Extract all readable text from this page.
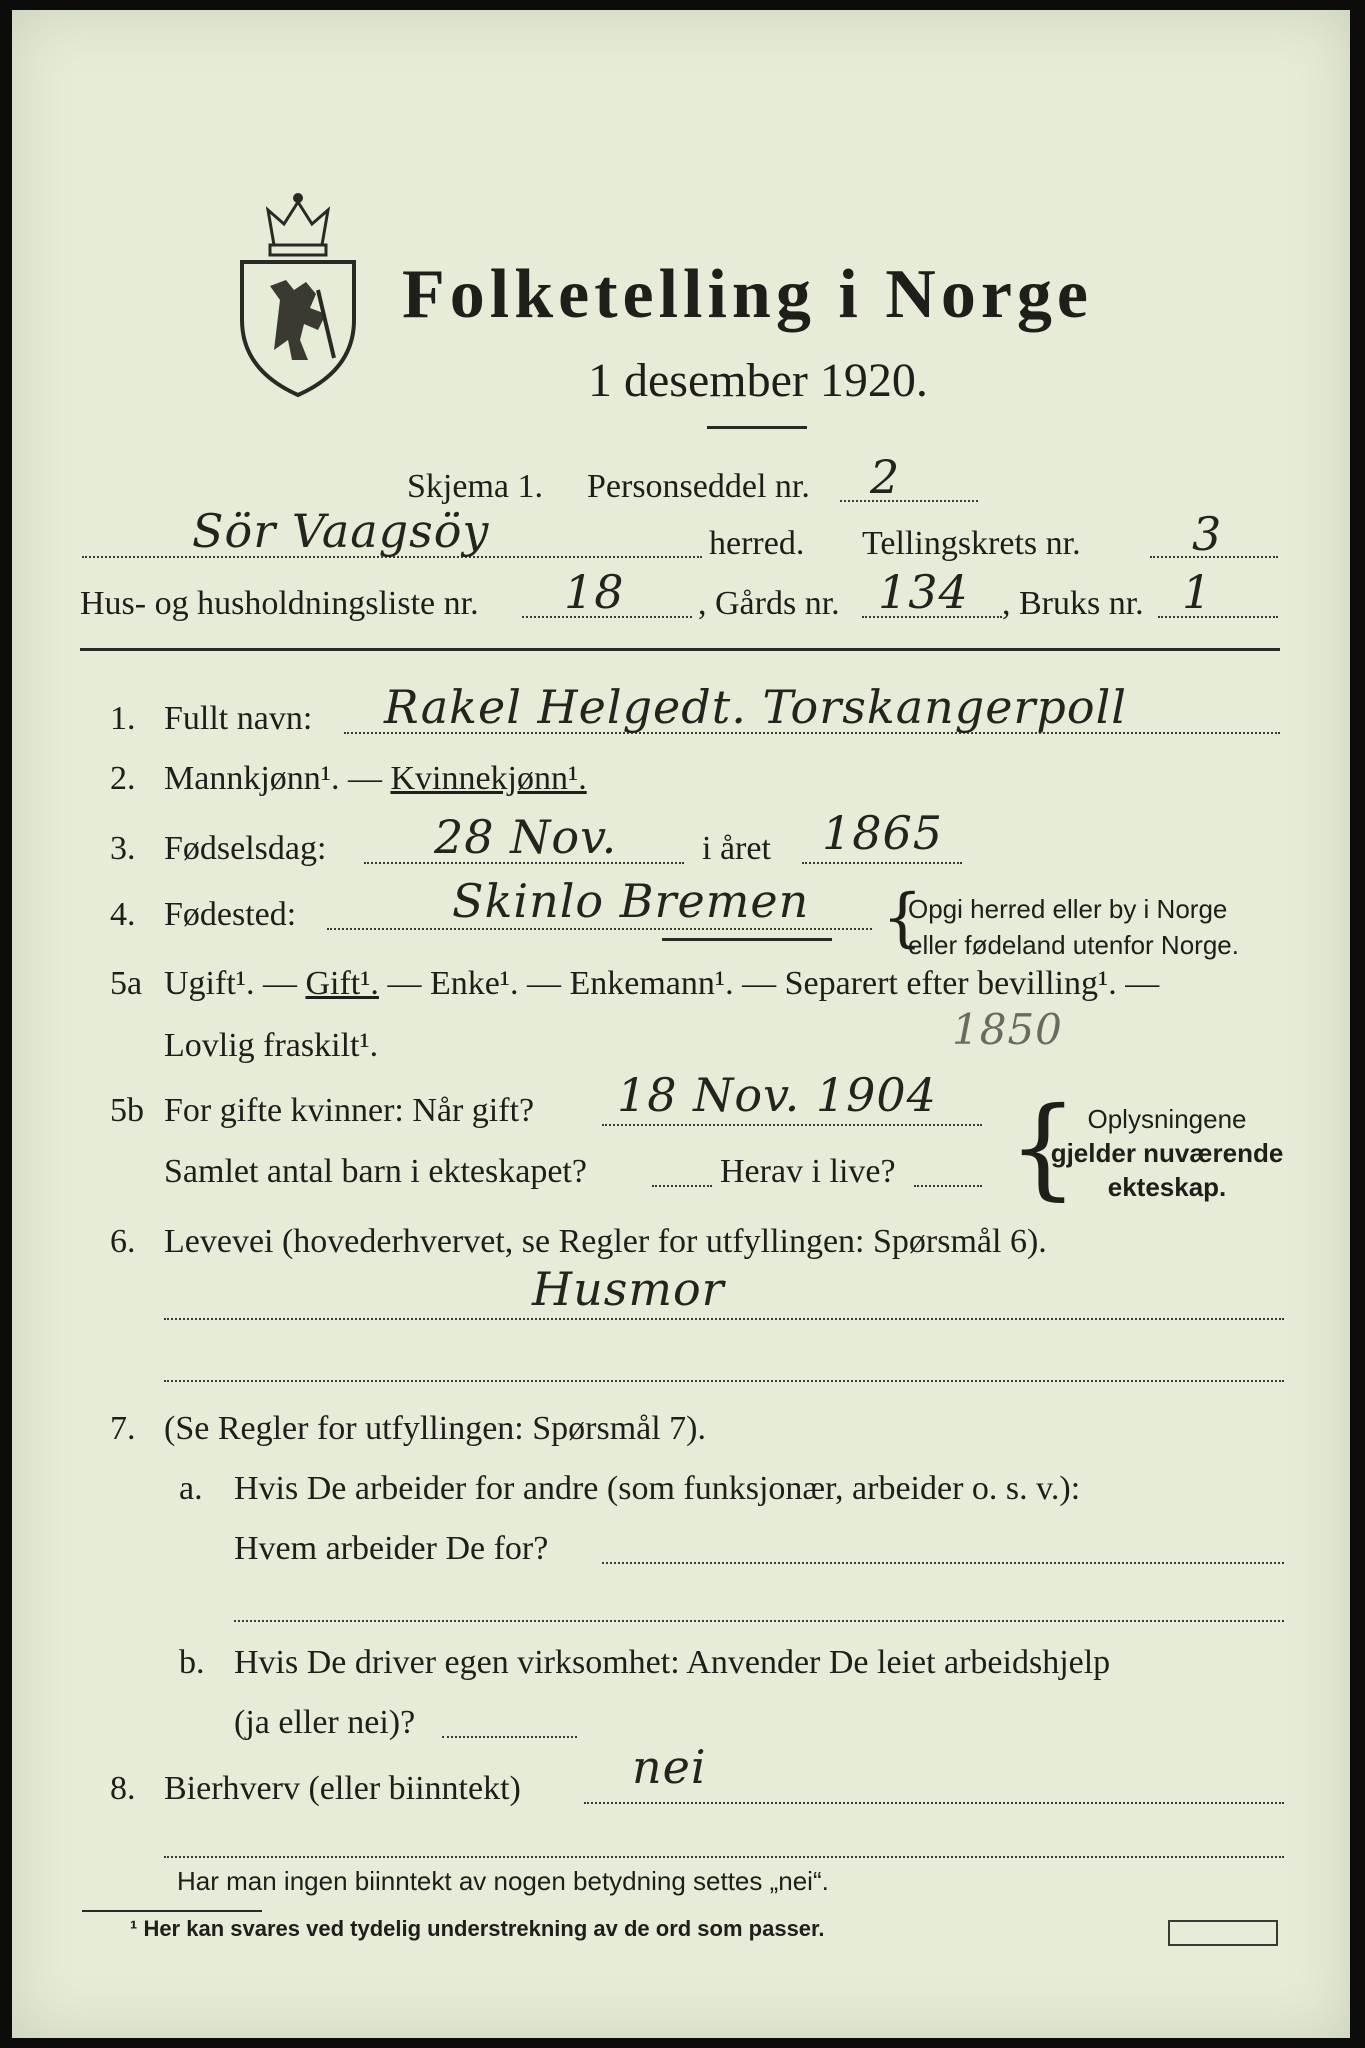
Folketelling i Norge
1 desember 1920.
Skjema 1. Personseddel nr. 2
Sör Vaagsöy	herred. Tellingskrets nr. 3
Hus- og husholdningsliste nr. 18 , Gårds nr. 134 , Bruks nr. 1
1. Fullt navn: Rakel Helgedt. Torskangerpoll
2. Mannkjønn¹. — Kvinnekjønn¹.
3. Fødselsdag: 28 Nov. i året 1865
4. Fødested:	Skinlo Bremen {
Opgi herred eller by i Norge
eller fødeland utenfor Norge.
5a Ugift¹. — Gift¹. — Enke¹. — Enkemann¹. — Separert efter bevilling¹. —
Lovlig fraskilt¹.	1850
5b For gifte kvinner: Når gift? 18 Nov. 1904
Samlet antal barn i ekteskapet?	Herav i live? { Oplysningene
gjelder nuværende
ekteskap.
6. Levevei (hovederhvervet, se Regler for utfyllingen: Spørsmål 6).
Husmor
7. (Se Regler for utfyllingen: Spørsmål 7).
a. Hvis De arbeider for andre (som funksjonær, arbeider o. s. v.):
Hvem arbeider De for?
b. Hvis De driver egen virksomhet: Anvender De leiet arbeidshjelp
(ja eller nei)?
8. Bierhverv (eller biinntekt) nei
Har man ingen biinntekt av nogen betydning settes „nei“.
¹ Her kan svares ved tydelig understrekning av de ord som passer.
